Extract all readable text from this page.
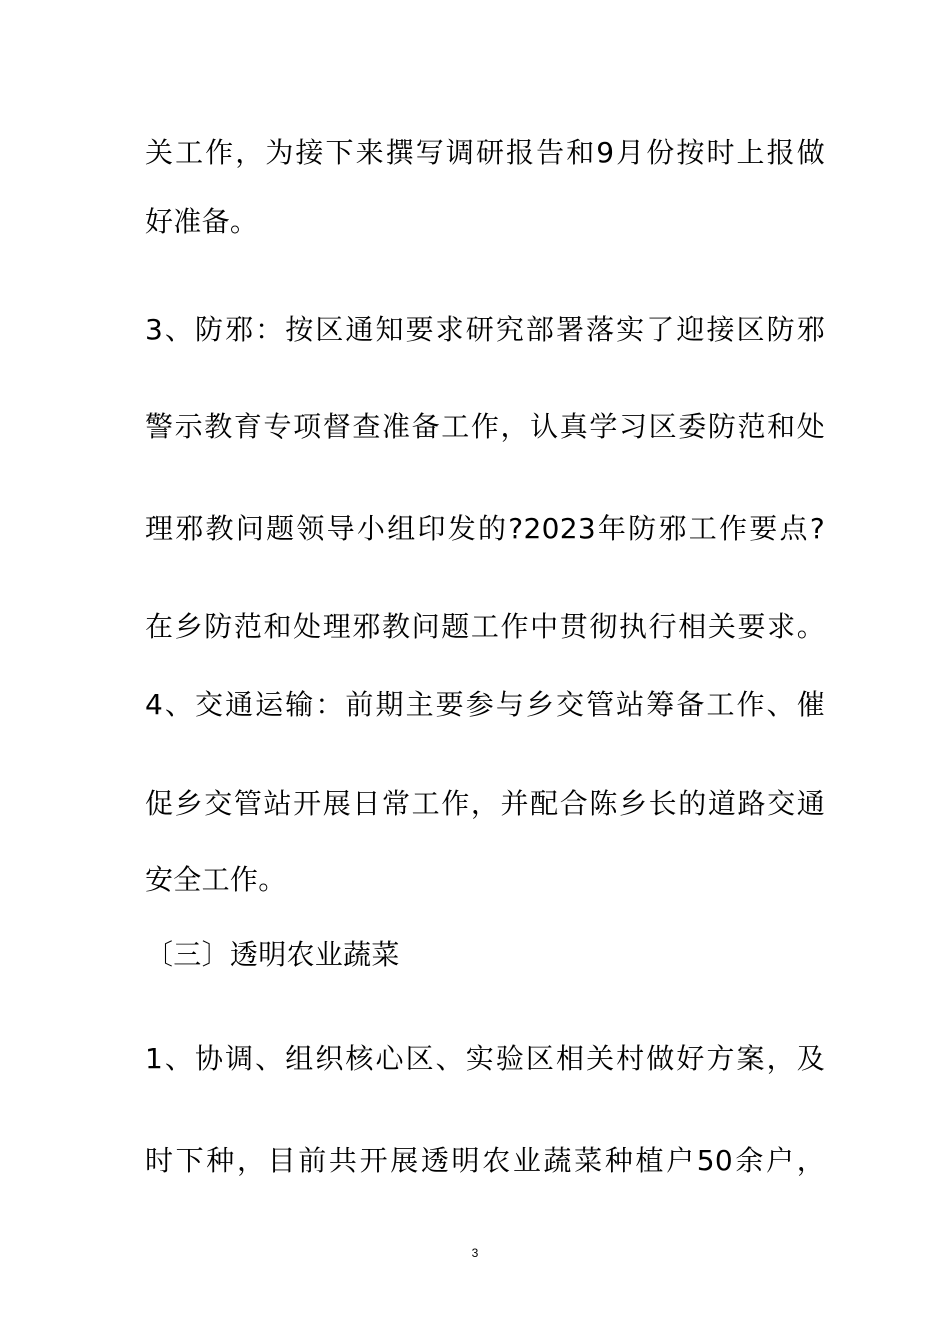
关工作，为接下来撰写调研报告和9月份按时上报做

好准备。

3、防邪：按区通知要求研究部署落实了迎接区防邪

警示教育专项督查准备工作，认真学习区委防范和处

理邪教问题领导小组印发的?2023年防邪工作要点?

在乡防范和处理邪教问题工作中贯彻执行相关要求。

4、交通运输：前期主要参与乡交管站筹备工作、催

促乡交管站开展日常工作，并配合陈乡长的道路交通

安全工作。

〔三〕透明农业蔬菜

1、协调、组织核心区、实验区相关村做好方案，及

时下种，目前共开展透明农业蔬菜种植户50余户，

3
